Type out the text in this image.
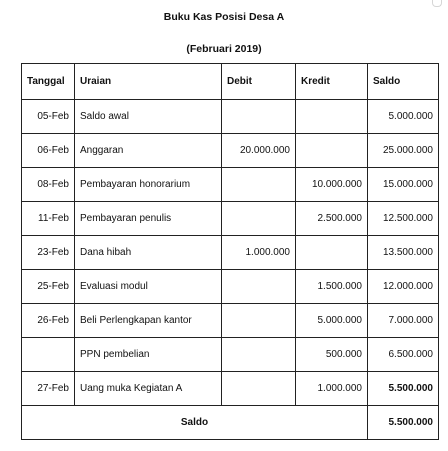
Buku Kas Posisi Desa A
(Februari 2019)
Tanggal	Uraian	Debit	Kredit	Saldo
05-Feb	Saldo awal			5.000.000
06-Feb	Anggaran	20.000.000		25.000.000
08-Feb	Pembayaran honorarium		10.000.000	15.000.000
11-Feb	Pembayaran penulis		2.500.000	12.500.000
23-Feb	Dana hibah	1.000.000		13.500.000
25-Feb	Evaluasi modul		1.500.000	12.000.000
26-Feb	Beli Perlengkapan kantor		5.000.000	7.000.000
	PPN pembelian		500.000	6.500.000
27-Feb	Uang muka Kegiatan A		1.000.000	5.500.000
Saldo				5.500.000
